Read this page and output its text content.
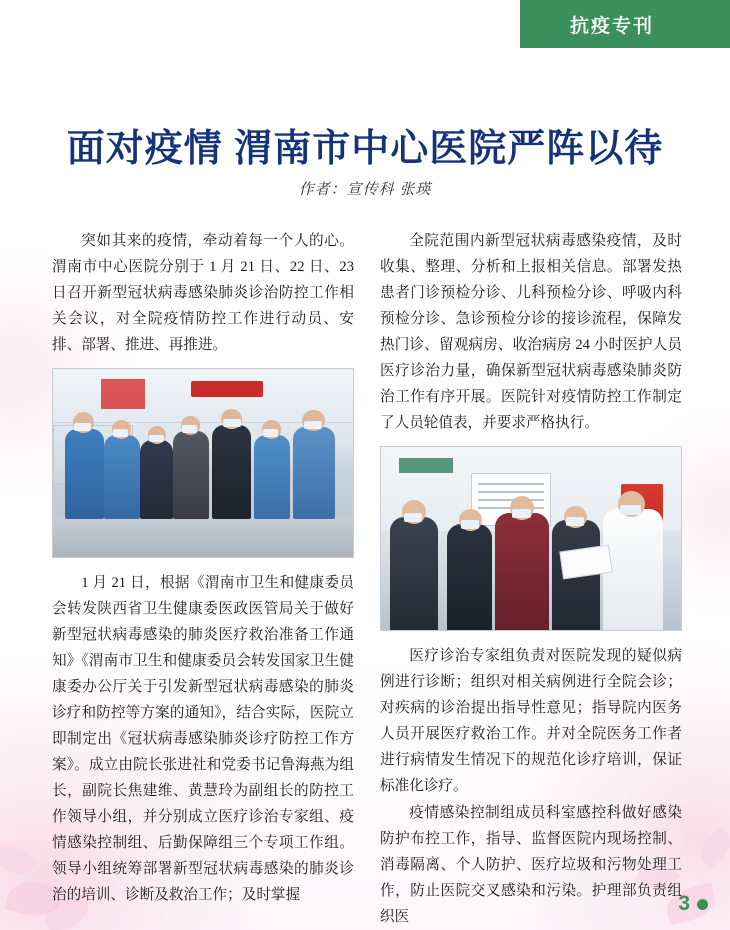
抗疫专刊
面对疫情 渭南市中心医院严阵以待
作者：宣传科 张瑛

突如其来的疫情，牵动着每一个人的心。渭南市中心医院分别于 1 月 21 日、22 日、23 日召开新型冠状病毒感染肺炎诊治防控工作相关会议，对全院疫情防控工作进行动员、安排、部署、推进、再推进。

1 月 21 日，根据《渭南市卫生和健康委员会转发陕西省卫生健康委医政医管局关于做好新型冠状病毒感染的肺炎医疗救治准备工作通知》《渭南市卫生和健康委员会转发国家卫生健康委办公厅关于引发新型冠状病毒感染的肺炎诊疗和防控等方案的通知》，结合实际，医院立即制定出《冠状病毒感染肺炎诊疗防控工作方案》。成立由院长张进社和党委书记鲁海燕为组长，副院长焦建维、黄慧玲为副组长的防控工作领导小组，并分别成立医疗诊治专家组、疫情感染控制组、后勤保障组三个专项工作组。领导小组统筹部署新型冠状病毒感染的肺炎诊治的培训、诊断及救治工作；及时掌握

全院范围内新型冠状病毒感染疫情，及时收集、整理、分析和上报相关信息。部署发热患者门诊预检分诊、儿科预检分诊、呼吸内科预检分诊、急诊预检分诊的接诊流程，保障发热门诊、留观病房、收治病房 24 小时医护人员医疗诊治力量，确保新型冠状病毒感染肺炎防治工作有序开展。医院针对疫情防控工作制定了人员轮值表，并要求严格执行。

医疗诊治专家组负责对医院发现的疑似病例进行诊断；组织对相关病例进行全院会诊；对疾病的诊治提出指导性意见；指导院内医务人员开展医疗救治工作。并对全院医务工作者进行病情发生情况下的规范化诊疗培训，保证标准化诊疗。

疫情感染控制组成员科室感控科做好感染防护布控工作，指导、监督医院内现场控制、消毒隔离、个人防护、医疗垃圾和污物处理工作，防止医院交叉感染和污染。护理部负责组织医

3
